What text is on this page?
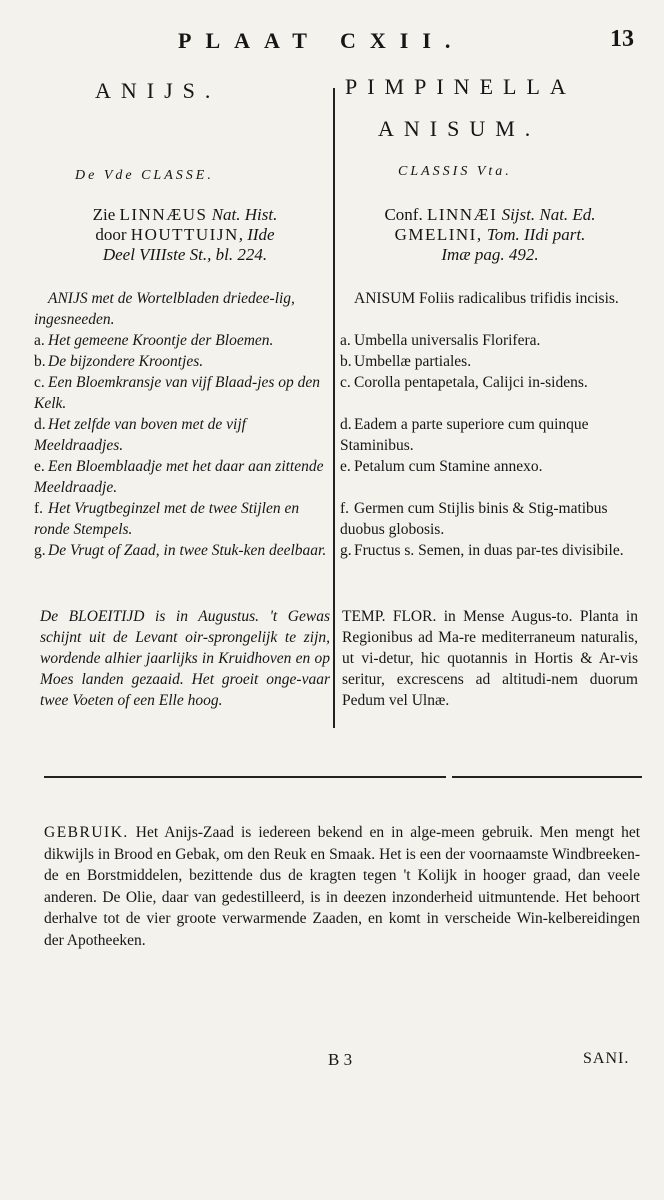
PLAAT CXII.	13
ANIJS.	PIMPINELLA
ANISUM.
De Vde CLASSE.	CLASSIS Vta.
Zie LINNÆUS Nat. Hist.
door HOUTTUIJN, IIde
Deel VIIIste St., bl. 224.
Conf. LINNÆI Sijst. Nat. Ed.
GMELINI, Tom. IIdi part.
Imæ pag. 492.
ANIJS met de Wortelbladen driedee-lig, ingesneeden.
a. Het gemeene Kroontje der Bloemen.
b. De bijzondere Kroontjes.
c. Een Bloemkransje van vijf Blaad-jes op den Kelk.
d. Het zelfde van boven met de vijf Meeldraadjes.
e. Een Bloemblaadje met het daar aan zittende Meeldraadje.
f. Het Vrugtbeginzel met de twee Stijlen en ronde Stempels.
g. De Vrugt of Zaad, in twee Stuk-ken deelbaar.
ANISUM Foliis radicalibus trifidis incisis.
a. Umbella universalis Florifera.
b. Umbellæ partiales.
c. Corolla pentapetala, Calijci in-sidens.
d. Eadem a parte superiore cum quinque Staminibus.
e. Petalum cum Stamine annexo.
f. Germen cum Stijlis binis & Stig-matibus duobus globosis.
g. Fructus s. Semen, in duas par-tes divisibile.
De BLOEITIJD is in Augustus. 't Gewas schijnt uit de Levant oir-sprongelijk te zijn, wordende alhier jaarlijks in Kruidhoven en op Moes landen gezaaid. Het groeit onge-vaar twee Voeten of een Elle hoog.
TEMP. FLOR. in Mense Augus-to. Planta in Regionibus ad Ma-re mediterraneum naturalis, ut vi-detur, hic quotannis in Hortis & Ar-vis seritur, excrescens ad altitudi-nem duorum Pedum vel Ulnæ.
GEBRUIK. Het Anijs-Zaad is iedereen bekend en in alge-meen gebruik. Men mengt het dikwijls in Brood en Gebak, om den Reuk en Smaak. Het is een der voornaamste Windbreeken-de en Borstmiddelen, bezittende dus de kragten tegen 't Kolijk in hooger graad, dan veele anderen. De Olie, daar van gedestilleerd, is in deezen inzonderheid uitmuntende. Het behoort derhalve tot de vier groote verwarmende Zaaden, en komt in verscheide Win-kelbereidingen der Apotheeken.
B 3	SANI.
